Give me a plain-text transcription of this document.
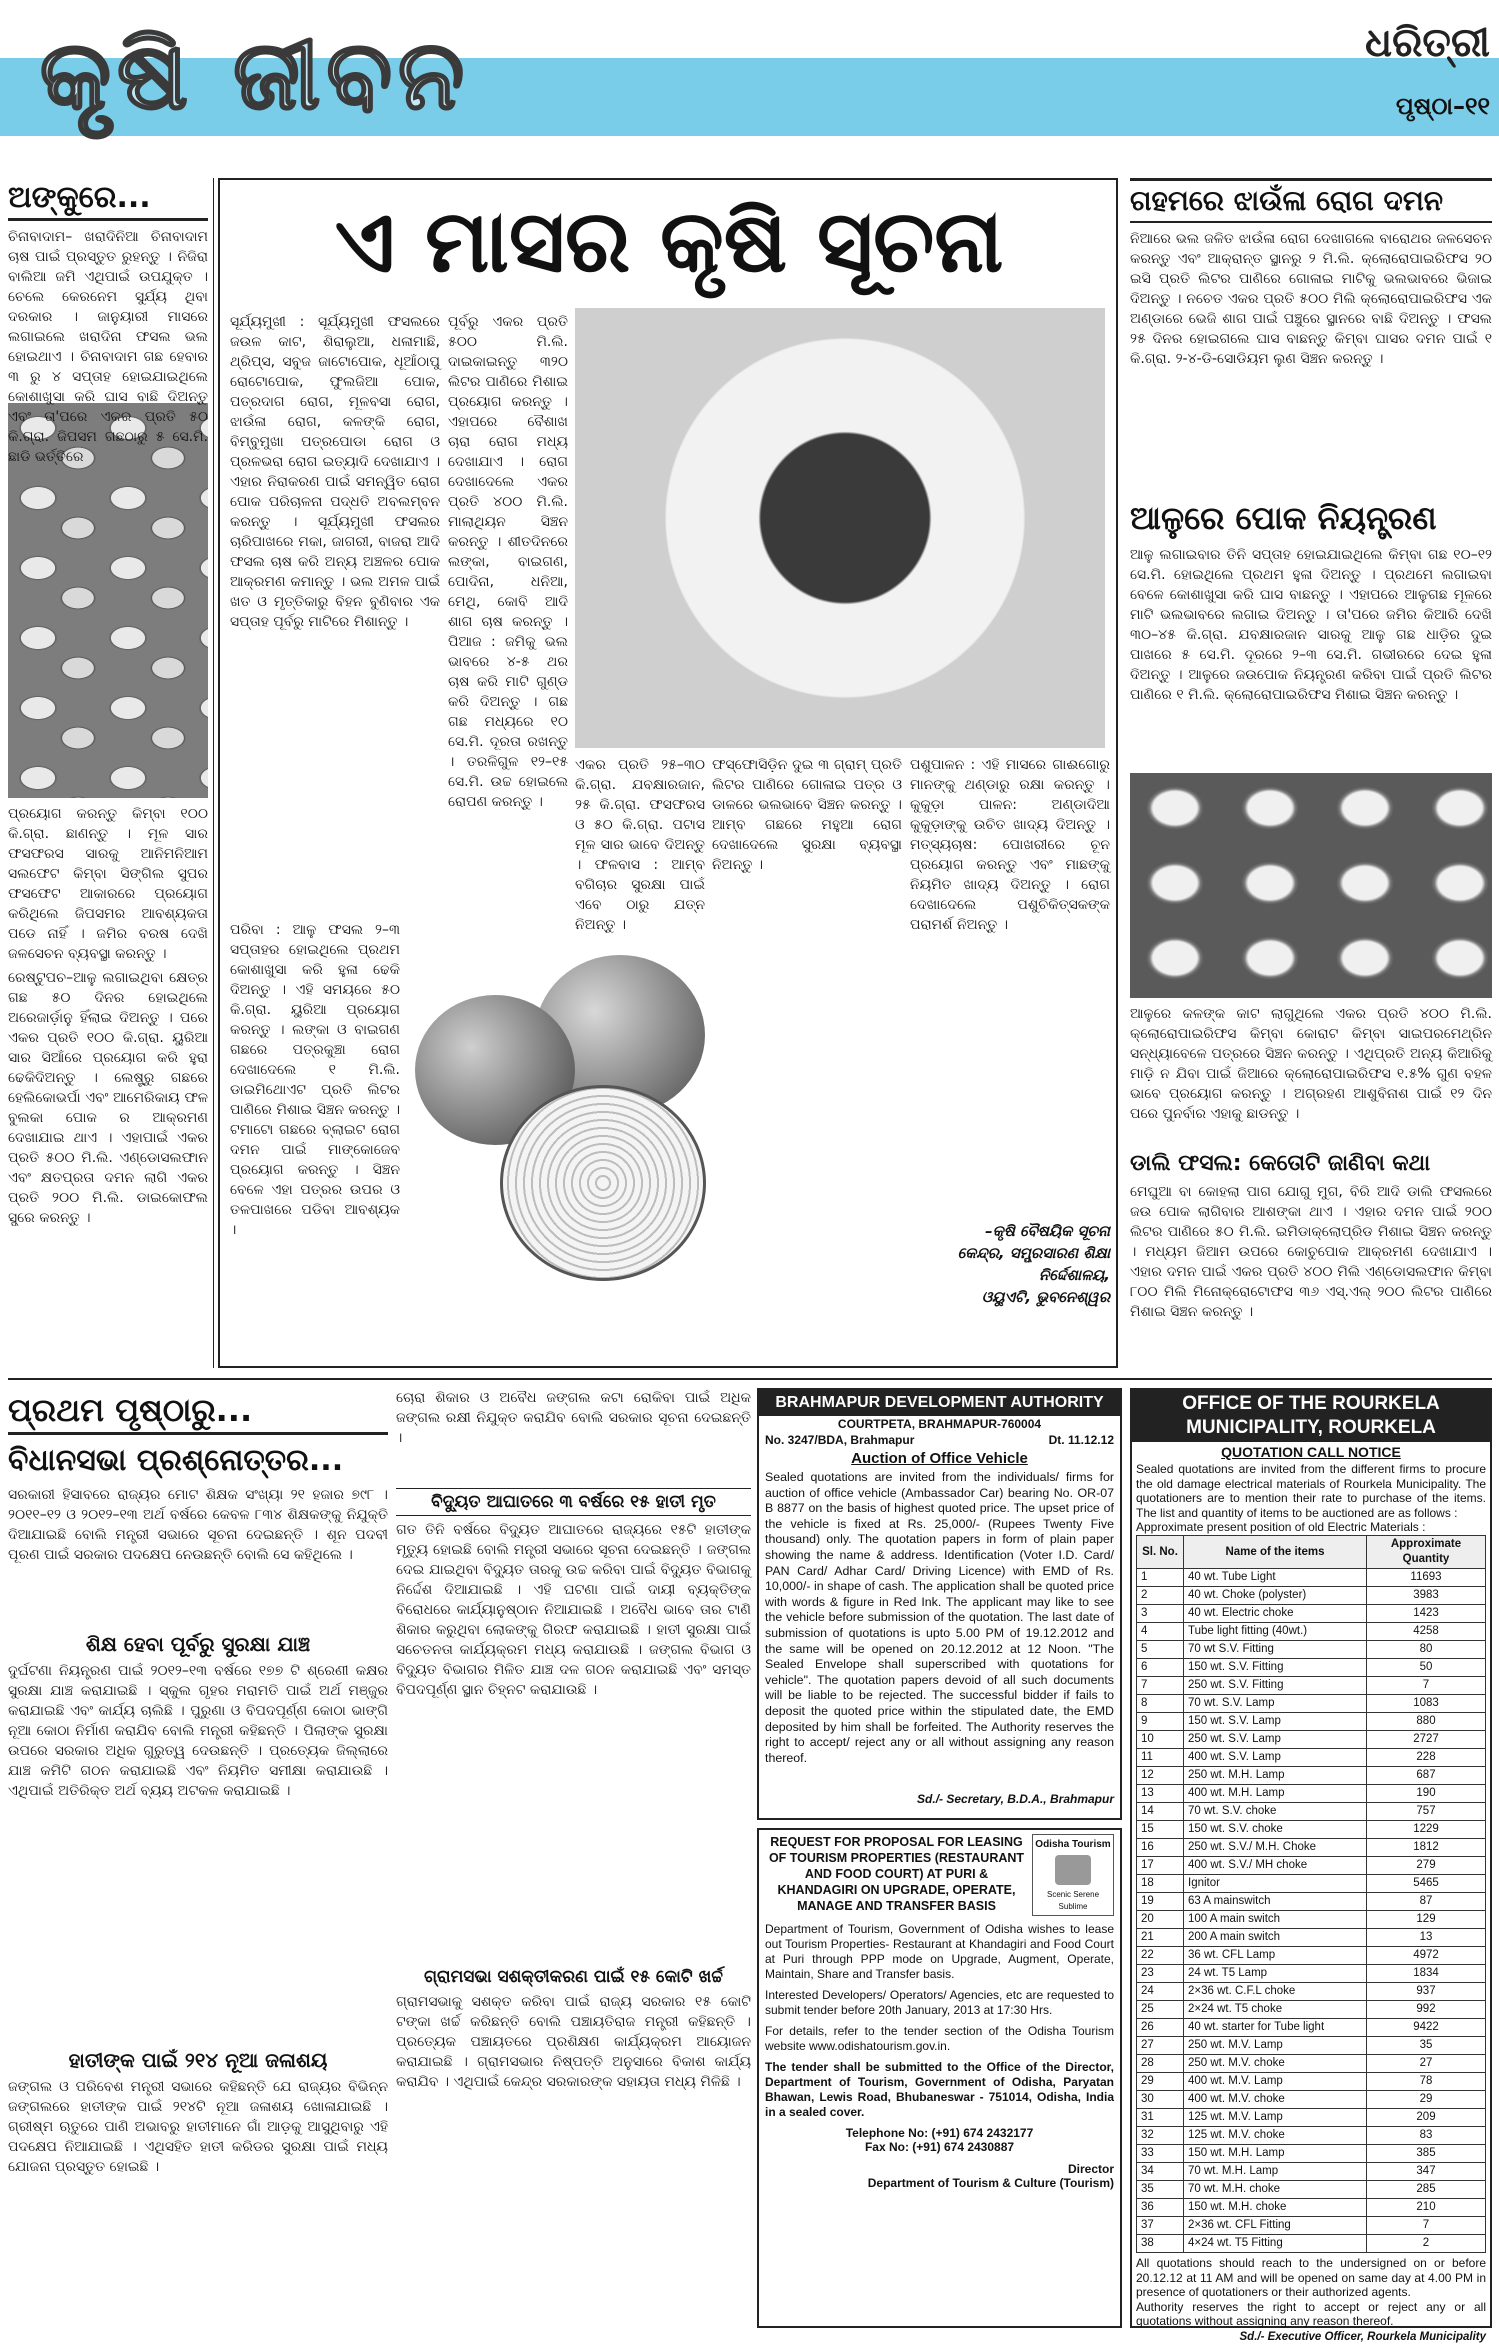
କୃଷି ଜୀବନ	ଧରିତ୍ରୀ
ପୃଷ୍ଠା–୧୧
ଅଙ୍କୁରେ...
ଚିନାବାଦାମ– ଖରାଦିନିଆ ଚିନାବାଦାମ ଚାଷ ପାଇଁ ପ୍ରସ୍ତୁତ ରୁହନ୍ତୁ । ନିଜିରା ବାଲିଆ ଜମି ଏଥିପାଇଁ ଉପଯୁକ୍ତ । ଚେଲେ କେରନେମ ସୁର୍ଯ୍ୟ ଥିବା ଦରକାର । ଜାନୁୟାରୀ ମାସରେ ଲଗାଇଲେ ଖରାଦିନା ଫସଲ ଭଲ ହୋଇଥାଏ । ଚିନାବାଦାମ ଗଛ ହେବାର ୩ ରୁ ୪ ସପ୍ତାହ ହୋଇଯାଇଥିଲେ କୋଶାଖୁସା କରି ଘାସ ବାଛି ଦିଅନ୍ତୁ ଏବଂ ତା'ପରେ ଏକର ପ୍ରତି ୫୦ କି.ଗ୍ରା. ଜିପସମ ଗଛଠାରୁ ୫ ସେ.ମି. ଛାଡି ଭର୍ତ୍ତିରେ
ପ୍ରୟୋଗ କରନ୍ତୁ କିମ୍ବା ୧୦୦ କି.ଗ୍ରା. ଛାଣନ୍ତୁ । ମୂଳ ସାର ଫସଫରସ ସାରକୁ ଆନିମନିଆମ ସଲଫେଟ କିମ୍ବା ସିଙ୍ଗିଲ ସୁପର ଫସଫେଟ ଆକାରରେ ପ୍ରୟୋଗ କରିଥିଲେ ଜିପସମର ଆବଶ୍ୟକତା ପଡେ ନାହିଁ । ଜମିର ବରଷ ଦେଖି ଜଳସେଚନ ବ୍ୟବସ୍ଥା କରନ୍ତୁ ।
ରେଷ୍ଟୁପଚ–ଆଳୁ ଲଗାଇଥିବା କ୍ଷେତ୍ର ଗଛ ୫୦ ଦିନର ହୋଇଥିଲେ ଅରେଜାର୍ଡ଼ାନୁ ହିଁଲାଇ ଦିଅନ୍ତୁ । ପରେ ଏକର ପ୍ରତି ୧୦୦ କି.ଗ୍ରା. ୟୁରିଆ ସାର ସିଆଁରେ ପ୍ରୟୋଗ କରି ହୁରା ଢେକିଦିଅନ୍ତୁ । ଲେଷ୍ଟ୍ରୁ ଗଛରେ ହେଲିକୋଭର୍ପା ଏବଂ ଆମେରିକାୟ ଫଳ ବୁଲକା ପୋକ ର ଆକ୍ରମଣ ଦେଖାଯାଇ ଥାଏ । ଏହାପାଇଁ ଏକର ପ୍ରତି ୫୦୦ ମି.ଲି. ଏଣ୍ଡୋସଲଫାନ ଏବଂ କ୍ଷତପ୍ରତା ଦମନ ଲାଗି ଏକର ପ୍ରତି ୨୦୦ ମି.ଲି. ଡାଇକୋଫଲ ସ୍ପ୍ରେ କରନ୍ତୁ ।
ଏ ମାସର କୃଷି ସୂଚନା
ସୂର୍ଯ୍ୟମୁଖୀ : ସୂର୍ଯ୍ୟମୁଖୀ ଫସଲରେ ଜଉଳ କାଟ, ଶିରାଲୁଆ, ଧଳାମାଛି, ଥ୍ରିପ୍ସ, ସବୁଜ ଜାଟୋପୋକ, ଧୂଆଁଠାପୁ ରୋଟୋପୋକ, ଫୁଲଜିଆ ପୋକ, ପତ୍ରଦାଗ ରୋଗ, ମୂଳବସା ରୋଗ, ଝାଉଁଳା ରୋଗ, କଳଙ୍କି ରୋଗ, ବିମ୍ବୁମୁଖା ପତ୍ରପୋଡା ରୋଗ ଓ ପ୍ରଳଭରା ରୋଗ ଇତ୍ୟାଦି ଦେଖାଯାଏ । ଏହାର ନିରାକରଣ ପାଇଁ ସମନ୍ୱିତ ରୋଗ ପୋକ ପରିଚାଳନା ପଦ୍ଧତି ଅବଲମ୍ବନ କରନ୍ତୁ । ସୂର୍ଯ୍ୟମୁଖୀ ଫସଲର ଚାରିପାଖରେ ମକା, ଜାଗରୀ, ବାଜରା ଆଦି ଫସଲ ଚାଷ କରି ଅନ୍ୟ ଅଞ୍ଚଳର ପୋକ ଆକ୍ରମଣ କମାନ୍ତୁ । ଭଲ ଅମଳ ପାଇଁ ଖତ ଓ ମୃତ୍ତିକାରୁ ବିହନ ବୁଣିବାର ଏକ ସପ୍ତାହ ପୂର୍ବରୁ ମାଟିରେ ମିଶାନ୍ତୁ ।
ପୂର୍ବରୁ ଏକର ପ୍ରତି ୫୦୦ ମି.ଲି. ଦାଇକାଇନ୍ତୁ ୩୨୦ ଲିଟର ପାଣିରେ ମିଶାଇ ପ୍ରୟୋଗ କରନ୍ତୁ । ଏହାପରେ ବୈଶାଖ ଚାରା ରୋଗ ମଧ୍ୟ ଦେଖାଯାଏ । ରୋଗ ଦେଖାଦେଲେ ଏକର ପ୍ରତି ୪୦୦ ମି.ଲି. ମାଲାଥିୟନ ସିଞ୍ଚନ କରନ୍ତୁ । ଶୀତଦିନରେ ଲଙ୍କା, ବାଇଗଣ, ପୋଦିନା, ଧନିଆ, ମେଥି, କୋବି ଆଦି ଶାଗ ଚାଷ କରନ୍ତୁ । ପିଆଜ : ଜମିକୁ ଭଲ ଭାବରେ ୪-୫ ଥର ଚାଷ କରି ମାଟି ଗୁଣ୍ଡ କରି ଦିଅନ୍ତୁ । ଗଛ ଗଛ ମଧ୍ୟରେ ୧୦ ସେ.ମି. ଦୂରତା ରଖନ୍ତୁ । ତରଳିଗୁଳ ୧୨–୧୫ ସେ.ମି. ଉଚ୍ଚ ହୋଇଲେ ରୋପଣ କରନ୍ତୁ ।
ଏକର ପ୍ରତି ୨୫–୩୦ କି.ଗ୍ରା. ଯବକ୍ଷାରଜାନ, ୨୫ କି.ଗ୍ରା. ଫସଫରସ ଓ ୫୦ କି.ଗ୍ରା. ପଟାସ ମୂଳ ସାର ଭାବେ ଦିଅନ୍ତୁ । ଫଳବାସ : ଆମ୍ବ ବଗିଚାର ସୁରକ୍ଷା ପାଇଁ ଏବେ ଠାରୁ ଯତ୍ନ ନିଅନ୍ତୁ ।
ଫସ୍‌ଫୋସିଡ଼ିନ ଦୁଇ ୩ ଗ୍ରାମ୍ ପ୍ରତି ଲିଟର ପାଣିରେ ଗୋଳାଇ ପତ୍ର ଓ ଡାଳରେ ଭଲଭାବେ ସିଞ୍ଚନ କରନ୍ତୁ । ଆମ୍ବ ଗଛରେ ମହୁଆ ରୋଗ ଦେଖାଦେଲେ ସୁରକ୍ଷା ବ୍ୟବସ୍ଥା ନିଅନ୍ତୁ ।
ପରିବା : ଆଳୁ ଫସଲ ୨–୩ ସପ୍ତାହର ହୋଇଥିଲେ ପ୍ରଥମ କୋଶାଖୁସା କରି ହୁଳା ଢେକି ଦିଅନ୍ତୁ । ଏହି ସମୟରେ ୫୦ କି.ଗ୍ରା. ୟୁରିଆ ପ୍ରୟୋଗ କରନ୍ତୁ । ଲଙ୍କା ଓ ବାଇଗଣ ଗଛରେ ପତ୍ରକୁଞ୍ଚା ରୋଗ ଦେଖାଦେଲେ ୧ ମି.ଲି. ଡାଇମିଥୋଏଟ ପ୍ରତି ଲିଟର ପାଣିରେ ମିଶାଇ ସିଞ୍ଚନ କରନ୍ତୁ । ଟମାଟୋ ଗଛରେ ବ୍ଲାଇଟ ରୋଗ ଦମନ ପାଇଁ ମାଙ୍କୋଜେବ ପ୍ରୟୋଗ କରନ୍ତୁ । ସିଞ୍ଚନ ବେଳେ ଏହା ପତ୍ରର ଉପର ଓ ତଳପାଖରେ ପଡିବା ଆବଶ୍ୟକ ।
ପଶୁପାଳନ : ଏହି ମାସରେ ଗାଈଗୋରୁ ମାନଙ୍କୁ ଥଣ୍ଡାରୁ ରକ୍ଷା କରନ୍ତୁ । କୁକୁଡ଼ା ପାଳନ: ଅଣ୍ଡାଦିଆ କୁକୁଡ଼ାଙ୍କୁ ଉଚିତ ଖାଦ୍ୟ ଦିଅନ୍ତୁ । ମତ୍ସ୍ୟଚାଷ: ପୋଖରୀରେ ଚୂନ ପ୍ରୟୋଗ କରନ୍ତୁ ଏବଂ ମାଛଙ୍କୁ ନିୟମିତ ଖାଦ୍ୟ ଦିଅନ୍ତୁ । ରୋଗ ଦେଖାଦେଲେ ପଶୁଚିକିତ୍ସକଙ୍କ ପରାମର୍ଶ ନିଅନ୍ତୁ ।
–କୃଷି ବୈଷୟିକ ସୂଚନା
କେନ୍ଦ୍ର, ସମ୍ପ୍ରସାରଣ ଶିକ୍ଷା
ନିର୍ଦ୍ଦେଶାଳୟ,
ଓୟୁଏଟି, ଭୁବନେଶ୍ୱର
ଗହମରେ ଝାଉଁଳା ରୋଗ ଦମନ
ନିଆରେ ଭଲ ଜଳିତ ଝାଉଁଳା ରୋଗ ଦେଖାଗଲେ ବାରୋଥର ଜଳସେଚନ କରନ୍ତୁ ଏବଂ ଆକ୍ରାନ୍ତ ସ୍ଥାନରୁ ୨ ମି.ଲି. କ୍ଲୋରୋପାଇରିଫସ ୨୦ ଇସି ପ୍ରତି ଲିଟର ପାଣିରେ ଗୋଳାଇ ମାଟିକୁ ଭଲଭାବରେ ଭିଜାଇ ଦିଅନ୍ତୁ । ନଚେତ ଏକର ପ୍ରତି ୫୦୦ ମିଲି କ୍ଲୋରୋପାଇରିଫସ ଏକ ଅଣ୍ଡାରେ ଭେଜି ଶାଗ ପାଇଁ ପଞ୍ଚୁରେ ସ୍ଥାନରେ ବାଛି ଦିଅନ୍ତୁ । ଫସଲ ୨୫ ଦିନର ହୋଇଗଲେ ଘାସ ବାଛନ୍ତୁ କିମ୍ବା ଘାସର ଦମନ ପାଇଁ ୧ କି.ଗ୍ରା. ୨-୪-ଡି-ସୋଡିୟମ ଲୁଣ ସିଞ୍ଚନ କରନ୍ତୁ ।
ଆଳୁରେ ପୋକ ନିୟନ୍ତ୍ରଣ
ଆଳୁ ଲଗାଇବାର ତିନି ସପ୍ତାହ ହୋଇଯାଇଥିଲେ କିମ୍ବା ଗଛ ୧୦–୧୨ ସେ.ମି. ହୋଇଥିଲେ ପ୍ରଥମ ହୁଳା ଦିଅନ୍ତୁ । ପ୍ରଥମେ ଲଗାଇବା ବେଳେ କୋଶାଖୁସା କରି ଘାସ ବାଛନ୍ତୁ । ଏହାପରେ ଆଳୁଗଛ ମୂଳରେ ମାଟି ଭଲଭାବରେ ଲଗାଇ ଦିଅନ୍ତୁ । ତା'ପରେ ଜମିର କିଆରି ଦେଖି ୩୦–୪୫ କି.ଗ୍ରା. ଯବକ୍ଷାରଜାନ ସାରକୁ ଆଳୁ ଗଛ ଧାଡ଼ିର ଦୁଇ ପାଖରେ ୫ ସେ.ମି. ଦୂରରେ ୨–୩ ସେ.ମି. ଗଭୀରରେ ଦେଇ ହୁଳା ଦିଅନ୍ତୁ । ଆଳୁରେ ଜଉପୋକ ନିୟନ୍ତ୍ରଣ କରିବା ପାଇଁ ପ୍ରତି ଲିଟର ପାଣିରେ ୧ ମି.ଲି. କ୍ଲୋରୋପାଇରିଫସ ମିଶାଇ ସିଞ୍ଚନ କରନ୍ତୁ ।
ଆଳୁରେ କଳଙ୍କ କାଟ ଲାଗୁଥିଲେ ଏକର ପ୍ରତି ୪୦୦ ମି.ଲି. କ୍ଲୋରୋପାଇରିଫସ କିମ୍ବା କୋରାଟ କିମ୍ବା ସାଇପରମେଥ୍ରିନ ସନ୍ଧ୍ୟାବେଳେ ପତ୍ରରେ ସିଞ୍ଚନ କରନ୍ତୁ । ଏଥିପ୍ରତି ଅନ୍ୟ କିଆରିକୁ ମାଡ଼ି ନ ଯିବା ପାଇଁ ଜିଆରେ କ୍ଲୋରୋପାଇରିଫସ ୧.୫% ଗୁଣ ବହଳ ଭାବେ ପ୍ରୟୋଗ କରନ୍ତୁ । ଅଗ୍ରହଣ ଆଶୁବିନାଶ ପାଇଁ ୧୨ ଦିନ ପରେ ପୁନର୍ବାର ଏହାକୁ ଛାଡନ୍ତୁ ।
ଡାଲି ଫସଲ: କେତୋଟି ଜାଣିବା କଥା
ମେଘୁଆ ବା କୋହଲା ପାଗ ଯୋଗୁ ମୁଗ, ବିରି ଆଦି ଡାଲି ଫସଲରେ ଜଉ ପୋକ ଲାଗିବାର ଆଶଙ୍କା ଥାଏ । ଏହାର ଦମନ ପାଇଁ ୨୦୦ ଲିଟର ପାଣିରେ ୫୦ ମି.ଲି. ଇମିଡାକ୍ଲୋପ୍ରିଡ ମିଶାଇ ସିଞ୍ଚନ କରନ୍ତୁ । ମଧ୍ୟମ ଜିଆମ ଉପରେ କୋଚୁପୋକ ଆକ୍ରମଣ ଦେଖାଯାଏ । ଏହାର ଦମନ ପାଇଁ ଏକର ପ୍ରତି ୪୦୦ ମିଲି ଏଣ୍ଡୋସଲଫାନ କିମ୍ବା ୮୦୦ ମିଲି ମିନୋକ୍ରୋଟୋଫସ ୩୬ ଏସ୍.ଏଲ୍ ୨୦୦ ଲିଟର ପାଣିରେ ମିଶାଇ ସିଞ୍ଚନ କରନ୍ତୁ ।
ପ୍ରଥମ ପୃଷ୍ଠାରୁ...
ବିଧାନସଭା ପ୍ରଶ୍ନୋତ୍ତର...
ସରକାରୀ ହିସାବରେ ରାଜ୍ୟର ମୋଟ ଶିକ୍ଷକ ସଂଖ୍ୟା ୨୧ ହଜାର ୭୯୮ । ୨୦୧୧–୧୨ ଓ ୨୦୧୨–୧୩ ଅର୍ଥ ବର୍ଷରେ କେବଳ ୮୩୪ ଶିକ୍ଷକଙ୍କୁ ନିଯୁକ୍ତି ଦିଆଯାଇଛି ବୋଲି ମନ୍ତ୍ରୀ ସଭାରେ ସୂଚନା ଦେଇଛନ୍ତି । ଶୂନ ପଦବୀ ପୂରଣ ପାଇଁ ସରକାର ପଦକ୍ଷେପ ନେଉଛନ୍ତି ବୋଲି ସେ କହିଥିଲେ ।
ଶିକ୍ଷ ହେବା ପୂର୍ବରୁ ସୁରକ୍ଷା ଯାଞ୍ଚ
ଦୁର୍ଘଟଣା ନିୟନ୍ତ୍ରଣ ପାଇଁ ୨୦୧୨–୧୩ ବର୍ଷରେ ୧୭୭ ଟି ଶ୍ରେଣୀ କକ୍ଷର ସୁରକ୍ଷା ଯାଞ୍ଚ କରାଯାଇଛି । ସ୍କୁଲ ଗୃହର ମରାମତି ପାଇଁ ଅର୍ଥ ମଞ୍ଜୁର କରାଯାଇଛି ଏବଂ କାର୍ଯ୍ୟ ଚାଲିଛି । ପୁରୁଣା ଓ ବିପଦପୂର୍ଣ୍ଣ କୋଠା ଭାଙ୍ଗି ନୂଆ କୋଠା ନିର୍ମାଣ କରାଯିବ ବୋଲି ମନ୍ତ୍ରୀ କହିଛନ୍ତି । ପିଲାଙ୍କ ସୁରକ୍ଷା ଉପରେ ସରକାର ଅଧିକ ଗୁରୁତ୍ୱ ଦେଉଛନ୍ତି । ପ୍ରତ୍ୟେକ ଜିଲ୍ଲାରେ ଯାଞ୍ଚ କମିଟି ଗଠନ କରାଯାଇଛି ଏବଂ ନିୟମିତ ସମୀକ୍ଷା କରାଯାଉଛି । ଏଥିପାଇଁ ଅତିରିକ୍ତ ଅର୍ଥ ବ୍ୟୟ ଅଟକଳ କରାଯାଇଛି ।
ହାତୀଙ୍କ ପାଇଁ ୨୧୪ ନୂଆ ଜଳାଶୟ
ଜଙ୍ଗଲ ଓ ପରିବେଶ ମନ୍ତ୍ରୀ ସଭାରେ କହିଛନ୍ତି ଯେ ରାଜ୍ୟର ବିଭିନ୍ନ ଜଙ୍ଗଲରେ ହାତୀଙ୍କ ପାଇଁ ୨୧୪ଟି ନୂଆ ଜଳାଶୟ ଖୋଳାଯାଇଛି । ଗ୍ରୀଷ୍ମ ଋତୁରେ ପାଣି ଅଭାବରୁ ହାତୀମାନେ ଗାଁ ଆଡ଼କୁ ଆସୁଥିବାରୁ ଏହି ପଦକ୍ଷେପ ନିଆଯାଇଛି । ଏଥିସହିତ ହାତୀ କରିଡର ସୁରକ୍ଷା ପାଇଁ ମଧ୍ୟ ଯୋଜନା ପ୍ରସ୍ତୁତ ହୋଇଛି ।
ଚୋରା ଶିକାର ଓ ଅବୈଧ ଜଙ୍ଗଲ କଟା ରୋକିବା ପାଇଁ ଅଧିକ ଜଙ୍ଗଲ ରକ୍ଷୀ ନିଯୁକ୍ତ କରାଯିବ ବୋଲି ସରକାର ସୂଚନା ଦେଇଛନ୍ତି ।
ବିଦ୍ୟୁତ ଆଘାତରେ ୩ ବର୍ଷରେ ୧୫ ହାତୀ ମୃତ
ଗତ ତିନି ବର୍ଷରେ ବିଦ୍ୟୁତ ଆଘାତରେ ରାଜ୍ୟରେ ୧୫ଟି ହାତୀଙ୍କ ମୃତ୍ୟୁ ହୋଇଛି ବୋଲି ମନ୍ତ୍ରୀ ସଭାରେ ସୂଚନା ଦେଇଛନ୍ତି । ଜଙ୍ଗଲ ଦେଇ ଯାଇଥିବା ବିଦ୍ୟୁତ ତାରକୁ ଉଚ୍ଚ କରିବା ପାଇଁ ବିଦ୍ୟୁତ ବିଭାଗକୁ ନିର୍ଦ୍ଦେଶ ଦିଆଯାଇଛି । ଏହି ଘଟଣା ପାଇଁ ଦାୟୀ ବ୍ୟକ୍ତିଙ୍କ ବିରୋଧରେ କାର୍ଯ୍ୟାନୁଷ୍ଠାନ ନିଆଯାଇଛି । ଅବୈଧ ଭାବେ ତାର ଟାଣି ଶିକାର କରୁଥିବା ଲୋକଙ୍କୁ ଗିରଫ କରାଯାଇଛି । ହାତୀ ସୁରକ୍ଷା ପାଇଁ ସଚେତନତା କାର୍ଯ୍ୟକ୍ରମ ମଧ୍ୟ କରାଯାଉଛି । ଜଙ୍ଗଲ ବିଭାଗ ଓ ବିଦ୍ୟୁତ ବିଭାଗର ମିଳିତ ଯାଞ୍ଚ ଦଳ ଗଠନ କରାଯାଇଛି ଏବଂ ସମସ୍ତ ବିପଦପୂର୍ଣ୍ଣ ସ୍ଥାନ ଚିହ୍ନଟ କରାଯାଉଛି ।
ଗ୍ରାମସଭା ସଶକ୍ତୀକରଣ ପାଇଁ ୧୫ କୋଟି ଖର୍ଚ୍ଚ
ଗ୍ରାମସଭାକୁ ସଶକ୍ତ କରିବା ପାଇଁ ରାଜ୍ୟ ସରକାର ୧୫ କୋଟି ଟଙ୍କା ଖର୍ଚ୍ଚ କରିଛନ୍ତି ବୋଲି ପଞ୍ଚାୟତିରାଜ ମନ୍ତ୍ରୀ କହିଛନ୍ତି । ପ୍ରତ୍ୟେକ ପଞ୍ଚାୟତରେ ପ୍ରଶିକ୍ଷଣ କାର୍ଯ୍ୟକ୍ରମ ଆୟୋଜନ କରାଯାଇଛି । ଗ୍ରାମସଭାର ନିଷ୍ପତ୍ତି ଅନୁସାରେ ବିକାଶ କାର୍ଯ୍ୟ କରାଯିବ । ଏଥିପାଇଁ କେନ୍ଦ୍ର ସରକାରଙ୍କ ସହାୟତା ମଧ୍ୟ ମିଳିଛି ।
BRAHMAPUR DEVELOPMENT AUTHORITY
COURTPETA, BRAHMAPUR-760004
No. 3247/BDA, Brahmapur	Dt. 11.12.12
Auction of Office Vehicle
Sealed quotations are invited from the individuals/ firms for auction of office vehicle (Ambassador Car) bearing No. OR-07 B 8877 on the basis of highest quoted price. The upset price of the vehicle is fixed at Rs. 25,000/- (Rupees Twenty Five thousand) only. The quotation papers in form of plain paper showing the name & address. Identification (Voter I.D. Card/ PAN Card/ Adhar Card/ Driving Licence) with EMD of Rs. 10,000/- in shape of cash. The application shall be quoted price with words & figure in Red Ink. The applicant may like to see the vehicle before submission of the quotation. The last date of submission of quotations is upto 5.00 PM of 19.12.2012 and the same will be opened on 20.12.2012 at 12 Noon. "The Sealed Envelope shall superscribed with quotations for vehicle". The quotation papers devoid of all such documents will be liable to be rejected. The successful bidder if fails to deposit the quoted price within the stipulated date, the EMD deposited by him shall be forfeited. The Authority reserves the right to accept/ reject any or all without assigning any reason thereof.
Sd./- Secretary, B.D.A., Brahmapur
REQUEST FOR PROPOSAL FOR LEASING OF TOURISM PROPERTIES (RESTAURANT AND FOOD COURT) AT PURI & KHANDAGIRI ON UPGRADE, OPERATE, MANAGE AND TRANSFER BASIS
Odisha Tourism
Scenic Serene Sublime
Department of Tourism, Government of Odisha wishes to lease out Tourism Properties- Restaurant at Khandagiri and Food Court at Puri through PPP mode on Upgrade, Augment, Operate, Maintain, Share and Transfer basis.
Interested Developers/ Operators/ Agencies, etc are requested to submit tender before 20th January, 2013 at 17:30 Hrs.
For details, refer to the tender section of the Odisha Tourism website www.odishatourism.gov.in.
The tender shall be submitted to the Office of the Director, Department of Tourism, Government of Odisha, Paryatan Bhawan, Lewis Road, Bhubaneswar - 751014, Odisha, India in a sealed cover.
Telephone No: (+91) 674 2432177
Fax No: (+91) 674 2430887
Director
Department of Tourism & Culture (Tourism)
OFFICE OF THE ROURKELA
MUNICIPALITY, ROURKELA
QUOTATION CALL NOTICE
Sealed quotations are invited from the different firms to procure the old damage electrical materials of Rourkela Municipality. The quotationers are to mention their rate to purchase of the items. The list and quantity of items to be auctioned are as follows :
Approximate present position of old Electric Materials :
Sl. No.	Name of the items	Approximate Quantity
1	40 wt. Tube Light	11693
2	40 wt. Choke (polyster)	3983
3	40 wt. Electric choke	1423
4	Tube light fitting (40wt.)	4258
5	70 wt S.V. Fitting	80
6	150 wt. S.V. Fitting	50
7	250 wt. S.V. Fitting	7
8	70 wt. S.V. Lamp	1083
9	150 wt. S.V. Lamp	880
10	250 wt. S.V. Lamp	2727
11	400 wt. S.V. Lamp	228
12	250 wt. M.H. Lamp	687
13	400 wt. M.H. Lamp	190
14	70 wt. S.V. choke	757
15	150 wt. S.V. choke	1229
16	250 wt. S.V./ M.H. Choke	1812
17	400 wt. S.V./ MH choke	279
18	Ignitor	5465
19	63 A mainswitch	87
20	100 A main switch	129
21	200 A main switch	13
22	36 wt. CFL Lamp	4972
23	24 wt. T5 Lamp	1834
24	2×36 wt. C.F.L choke	937
25	2×24 wt. T5 choke	992
26	40 wt. starter for Tube light	9422
27	250 wt. M.V. Lamp	35
28	250 wt. M.V. choke	27
29	400 wt. M.V. Lamp	78
30	400 wt. M.V. choke	29
31	125 wt. M.V. Lamp	209
32	125 wt. M.V. choke	83
33	150 wt. M.H. Lamp	385
34	70 wt. M.H. Lamp	347
35	70 wt. M.H. choke	285
36	150 wt. M.H. choke	210
37	2×36 wt. CFL Fitting	7
38	4×24 wt. T5 Fitting	2
All quotations should reach to the undersigned on or before 20.12.12 at 11 AM and will be opened on same day at 4.00 PM in presence of quotationers or their authorized agents.
Authority reserves the right to accept or reject any or all quotations without assigning any reason thereof.
Sd./- Executive Officer, Rourkela Municipality
